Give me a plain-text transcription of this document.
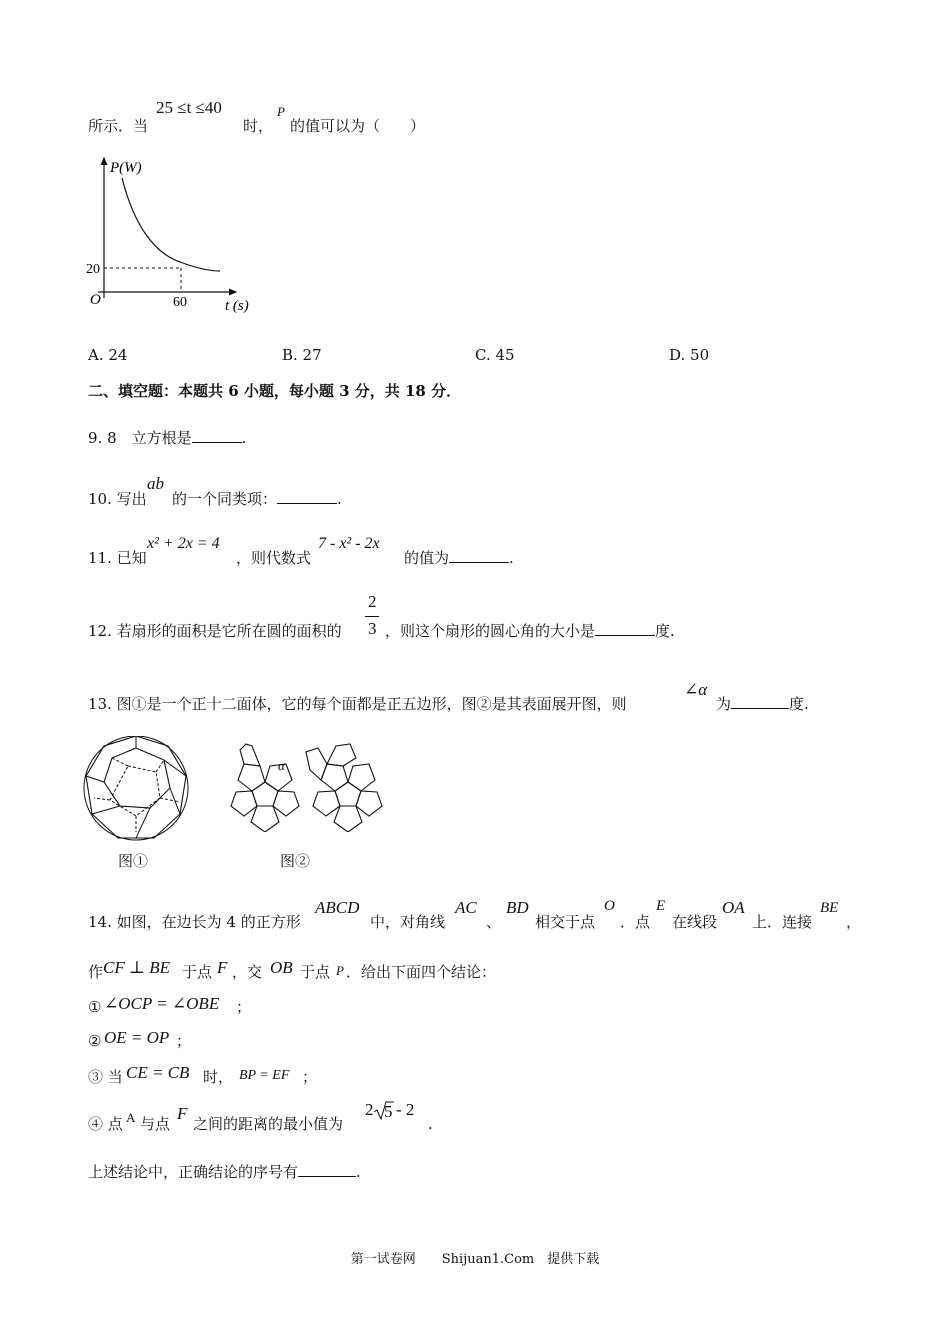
所示．当
25 ≤t ≤40
时，
P
的值可以为（　　）
P(W)
20
O	60	t (s)
A. 24	B. 27	C. 45	D. 50
二、填空题：本题共 6 小题，每小题 3 分，共 18 分．
9. 8　立方根是	.
10. 写出
ab
的一个同类项：	.
11. 已知
x² + 2x = 4
，则代数式
7 - x² - 2x
的值为	.
12. 若扇形的面积是它所在圆的面积的
2
3 ，则这个扇形的圆心角的大小是	度.
13. 图①是一个正十二面体，它的每个面都是正五边形，图②是其表面展开图，则
∠α
为	度.
图①
α
图②
14. 如图，在边长为 4 的正方形
ABCD
中，对角线
AC
、
BD
相交于点
O
．点
E
在线段
OA
上．连接
BE
，
作 CF ⊥ BE 于点 F ，交 OB 于点 P ．给出下面四个结论：
① ∠OCP = ∠OBE ；
② OE = OP ；
③ 当 CE = CB 时， BP = EF ；
④ 点 A 与点
F
之间的距离的最小值为
2 5 - 2
.
上述结论中，正确结论的序号有	.
第一试卷网　　Shijuan1.Com　提供下载
